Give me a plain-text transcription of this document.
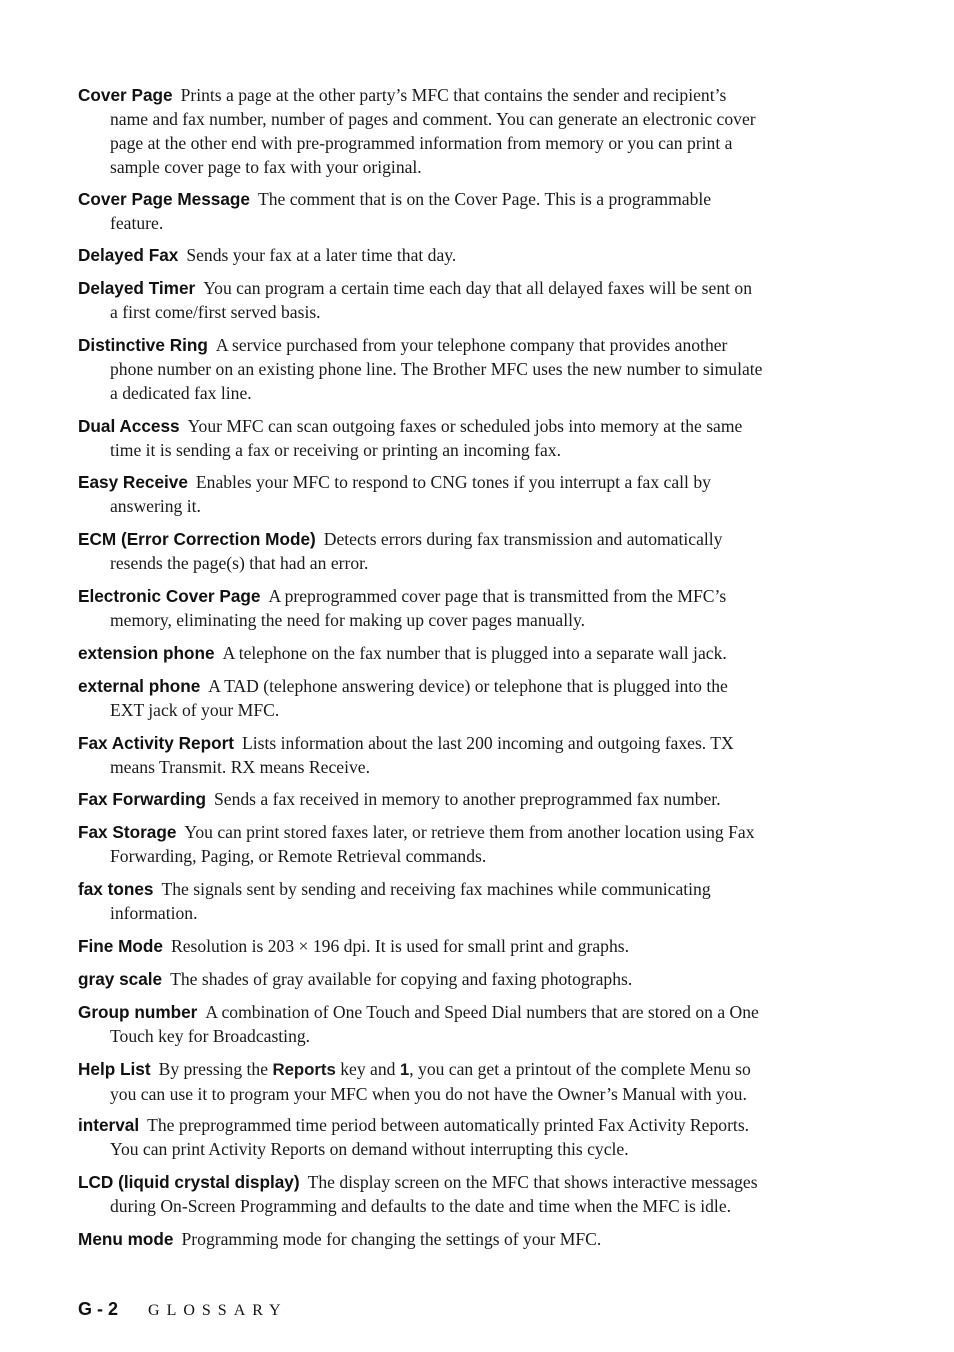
Cover Page Prints a page at the other party’s MFC that contains the sender and recipient’s
name and fax number, number of pages and comment. You can generate an electronic cover
page at the other end with pre-programmed information from memory or you can print a
sample cover page to fax with your original.

Cover Page Message The comment that is on the Cover Page. This is a programmable
feature.

Delayed Fax Sends your fax at a later time that day.

Delayed Timer You can program a certain time each day that all delayed faxes will be sent on
a first come/first served basis.

Distinctive Ring A service purchased from your telephone company that provides another
phone number on an existing phone line. The Brother MFC uses the new number to simulate
a dedicated fax line.

Dual Access Your MFC can scan outgoing faxes or scheduled jobs into memory at the same
time it is sending a fax or receiving or printing an incoming fax.

Easy Receive Enables your MFC to respond to CNG tones if you interrupt a fax call by
answering it.

ECM (Error Correction Mode) Detects errors during fax transmission and automatically
resends the page(s) that had an error.

Electronic Cover Page A preprogrammed cover page that is transmitted from the MFC’s
memory, eliminating the need for making up cover pages manually.

extension phone A telephone on the fax number that is plugged into a separate wall jack.

external phone A TAD (telephone answering device) or telephone that is plugged into the
EXT jack of your MFC.

Fax Activity Report Lists information about the last 200 incoming and outgoing faxes. TX
means Transmit. RX means Receive.

Fax Forwarding Sends a fax received in memory to another preprogrammed fax number.

Fax Storage You can print stored faxes later, or retrieve them from another location using Fax
Forwarding, Paging, or Remote Retrieval commands.

fax tones The signals sent by sending and receiving fax machines while communicating
information.

Fine Mode Resolution is 203 × 196 dpi. It is used for small print and graphs.

gray scale The shades of gray available for copying and faxing photographs.

Group number A combination of One Touch and Speed Dial numbers that are stored on a One
Touch key for Broadcasting.

Help List By pressing the Reports key and 1, you can get a printout of the complete Menu so
you can use it to program your MFC when you do not have the Owner’s Manual with you.

interval The preprogrammed time period between automatically printed Fax Activity Reports.
You can print Activity Reports on demand without interrupting this cycle.

LCD (liquid crystal display) The display screen on the MFC that shows interactive messages
during On-Screen Programming and defaults to the date and time when the MFC is idle.

Menu mode Programming mode for changing the settings of your MFC.

G - 2 GLOSSARY
